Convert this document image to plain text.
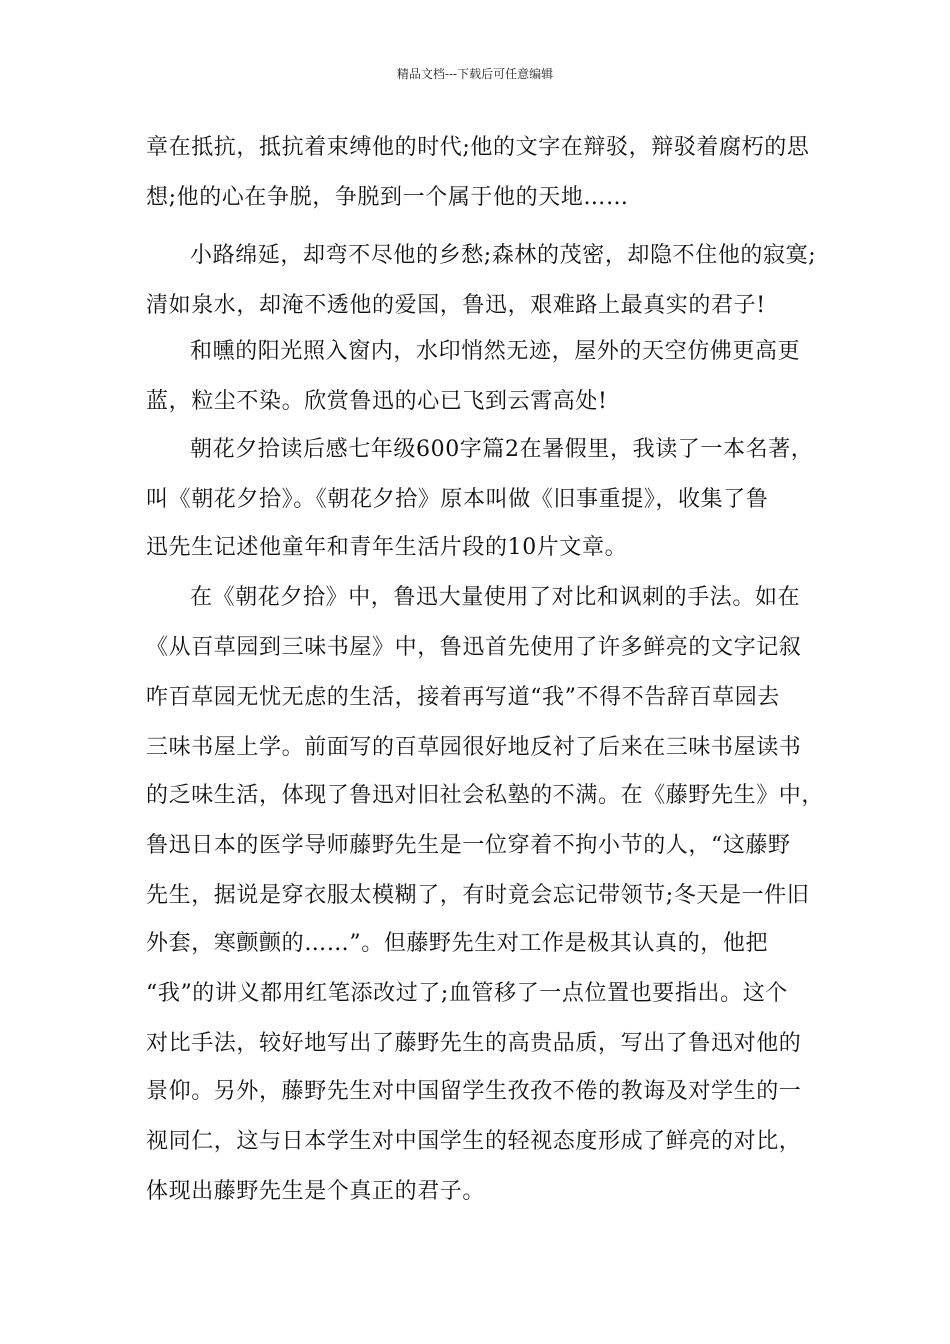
精品文档---下载后可任意编辑
章在抵抗，抵抗着束缚他的时代;他的文字在辩驳，辩驳着腐朽的思
想;他的心在争脱，争脱到一个属于他的天地……
小路绵延，却弯不尽他的乡愁;森林的茂密，却隐不住他的寂寞;
清如泉水，却淹不透他的爱国，鲁迅，艰难路上最真实的君子!
和曛的阳光照入窗内，水印悄然无迹，屋外的天空仿佛更高更
蓝，粒尘不染。欣赏鲁迅的心已飞到云霄高处!
朝花夕拾读后感七年级600字篇2在暑假里，我读了一本名著，
叫《朝花夕拾》。《朝花夕拾》原本叫做《旧事重提》，收集了鲁
迅先生记述他童年和青年生活片段的10片文章。
在《朝花夕拾》中，鲁迅大量使用了对比和讽刺的手法。如在
《从百草园到三味书屋》中，鲁迅首先使用了许多鲜亮的文字记叙
咋百草园无忧无虑的生活，接着再写道“我”不得不告辞百草园去
三味书屋上学。前面写的百草园很好地反衬了后来在三味书屋读书
的乏味生活，体现了鲁迅对旧社会私塾的不满。在《藤野先生》中，
鲁迅日本的医学导师藤野先生是一位穿着不拘小节的人，“这藤野
先生，据说是穿衣服太模糊了，有时竟会忘记带领节;冬天是一件旧
外套，寒颤颤的……”。但藤野先生对工作是极其认真的，他把
“我”的讲义都用红笔添改过了;血管移了一点位置也要指出。这个
对比手法，较好地写出了藤野先生的高贵品质，写出了鲁迅对他的
景仰。另外，藤野先生对中国留学生孜孜不倦的教诲及对学生的一
视同仁，这与日本学生对中国学生的轻视态度形成了鲜亮的对比，
体现出藤野先生是个真正的君子。
